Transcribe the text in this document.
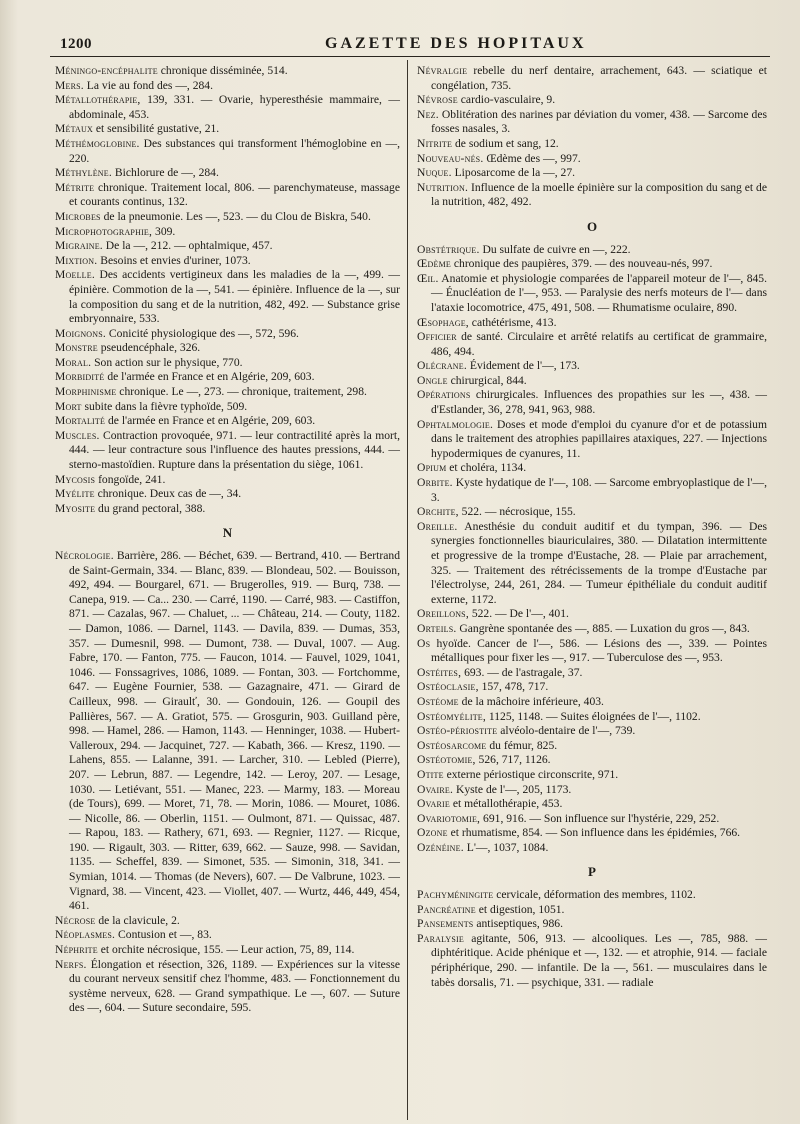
1200	GAZETTE DES HOPITAUX

Méningo-encéphalite chronique disséminée, 514.

Mers. La vie au fond des —, 284.

Métallothérapie, 139, 331. — Ovarie, hyperesthésie mammaire, — abdominale, 453.

Métaux et sensibilité gustative, 21.

Méthémoglobine. Des substances qui transforment l'hémoglobine en —, 220.

Méthylène. Bichlorure de —, 284.

Métrite chronique. Traitement local, 806. — parenchymateuse, massage et courants continus, 132.

Microbes de la pneumonie. Les —, 523. — du Clou de Biskra, 540.

Microphotographie, 309.

Migraine. De la —, 212. — ophtalmique, 457.

Mixtion. Besoins et envies d'uriner, 1073.

Moelle. Des accidents vertigineux dans les maladies de la —, 499. — épinière. Commotion de la —, 541. — épinière. Influence de la —, sur la composition du sang et de la nutrition, 482, 492. — Substance grise embryonnaire, 533.

Moignons. Conicité physiologique des —, 572, 596.

Monstre pseudencéphale, 326.

Moral. Son action sur le physique, 770.

Morbidité de l'armée en France et en Algérie, 209, 603.

Morphinisme chronique. Le —, 273. — chronique, traitement, 298.

Mort subite dans la fièvre typhoïde, 509.

Mortalité de l'armée en France et en Algérie, 209, 603.

Muscles. Contraction provoquée, 971. — leur contractilité après la mort, 444. — leur contracture sous l'influence des hautes pressions, 444. — sterno-mastoïdien. Rupture dans la présentation du siège, 1061.

Mycosis fongoïde, 241.

Myélite chronique. Deux cas de —, 34.

Myosite du grand pectoral, 388.

N

Nécrologie. Barrière, 286. — Béchet, 639. — Bertrand, 410. — Bertrand de Saint-Germain, 334. — Blanc, 839. — Blondeau, 502. — Bouisson, 492, 494. — Bourgarel, 671. — Brugerolles, 919. — Burq, 738. — Canepa, 919. — Ca... 230. — Carré, 1190. — Carré, 983. — Castiffon, 871. — Cazalas, 967. — Chaluet, ... — Château, 214. — Couty, 1182. — Damon, 1086. — Darnel, 1143. — Davila, 839. — Dumas, 353, 357. — Dumesnil, 998. — Dumont, 738. — Duval, 1007. — Aug. Fabre, 170. — Fanton, 775. — Faucon, 1014. — Fauvel, 1029, 1041, 1046. — Fonssagrives, 1086, 1089. — Fontan, 303. — Fortchomme, 647. — Eugène Fournier, 538. — Gazagnaire, 471. — Girard de Cailleux, 998. — Giraulť, 30. — Gondouin, 126. — Goupil des Pallières, 567. — A. Gratiot, 575. — Grosgurin, 903. Guilland père, 998. — Hamel, 286. — Hamon, 1143. — Henninger, 1038. — Hubert-Valleroux, 294. — Jacquinet, 727. — Kabath, 366. — Kresz, 1190. — Lahens, 855. — Lalanne, 391. — Larcher, 310. — Lebled (Pierre), 207. — Lebrun, 887. — Legendre, 142. — Leroy, 207. — Lesage, 1030. — Letiévant, 551. — Manec, 223. — Marmy, 183. — Moreau (de Tours), 699. — Moret, 71, 78. — Morin, 1086. — Mouret, 1086. — Nicolle, 86. — Oberlin, 1151. — Oulmont, 871. — Quissac, 487. — Rapou, 183. — Rathery, 671, 693. — Regnier, 1127. — Ricque, 190. — Rigault, 303. — Ritter, 639, 662. — Sauze, 998. — Savidan, 1135. — Scheffel, 839. — Simonet, 535. — Simonin, 318, 341. — Symian, 1014. — Thomas (de Nevers), 607. — De Valbrune, 1023. — Vignard, 38. — Vincent, 423. — Viollet, 407. — Wurtz, 446, 449, 454, 461.

Nécrose de la clavicule, 2.

Néoplasmes. Contusion et —, 83.

Néphrite et orchite nécrosique, 155. — Leur action, 75, 89, 114.

Nerfs. Élongation et résection, 326, 1189. — Expériences sur la vitesse du courant nerveux sensitif chez l'homme, 483. — Fonctionnement du système nerveux, 628. — Grand sympathique. Le —, 607. — Suture des —, 604. — Suture secondaire, 595.

Névralgie rebelle du nerf dentaire, arrachement, 643. — sciatique et congélation, 735.

Névrose cardio-vasculaire, 9.

Nez. Oblitération des narines par déviation du vomer, 438. — Sarcome des fosses nasales, 3.

Nitrite de sodium et sang, 12.

Nouveau-nés. Œdème des —, 997.

Nuque. Liposarcome de la —, 27.

Nutrition. Influence de la moelle épinière sur la composition du sang et de la nutrition, 482, 492.

O

Obstétrique. Du sulfate de cuivre en —, 222.

Œdème chronique des paupières, 379. — des nouveau-nés, 997.

Œil. Anatomie et physiologie comparées de l'appareil moteur de l'—, 845. — Énucléation de l'—, 953. — Paralysie des nerfs moteurs de l'— dans l'ataxie locomotrice, 475, 491, 508. — Rhumatisme oculaire, 890.

Œsophage, cathétérisme, 413.

Officier de santé. Circulaire et arrêté relatifs au certificat de grammaire, 486, 494.

Olécrane. Évidement de l'—, 173.

Ongle chirurgical, 844.

Opérations chirurgicales. Influences des propathies sur les —, 438. — d'Estlander, 36, 278, 941, 963, 988.

Ophtalmologie. Doses et mode d'emploi du cyanure d'or et de potassium dans le traitement des atrophies papillaires ataxiques, 227. — Injections hypodermiques de cyanures, 11.

Opium et choléra, 1134.

Orbite. Kyste hydatique de l'—, 108. — Sarcome embryoplastique de l'—, 3.

Orchite, 522. — nécrosique, 155.

Oreille. Anesthésie du conduit auditif et du tympan, 396. — Des synergies fonctionnelles biauriculaires, 380. — Dilatation intermittente et progressive de la trompe d'Eustache, 28. — Plaie par arrachement, 325. — Traitement des rétrécissements de la trompe d'Eustache par l'électrolyse, 244, 261, 284. — Tumeur épithéliale du conduit auditif externe, 1172.

Oreillons, 522. — De l'—, 401.

Orteils. Gangrène spontanée des —, 885. — Luxation du gros —, 843.

Os hyoïde. Cancer de l'—, 586. — Lésions des —, 339. — Pointes métalliques pour fixer les —, 917. — Tuberculose des —, 953.

Ostéites, 693. — de l'astragale, 37.

Ostéoclasie, 157, 478, 717.

Ostéome de la mâchoire inférieure, 403.

Ostéomyélite, 1125, 1148. — Suites éloignées de l'—, 1102.

Ostéo-périostite alvéolo-dentaire de l'—, 739.

Ostéosarcome du fémur, 825.

Ostéotomie, 526, 717, 1126.

Otite externe périostique circonscrite, 971.

Ovaire. Kyste de l'—, 205, 1173.

Ovarie et métallothérapie, 453.

Ovariotomie, 691, 916. — Son influence sur l'hystérie, 229, 252.

Ozone et rhumatisme, 854. — Son influence dans les épidémies, 766.

Ozénéine. L'—, 1037, 1084.

P

Pachyméningite cervicale, déformation des membres, 1102.

Pancréatine et digestion, 1051.

Pansements antiseptiques, 986.

Paralysie agitante, 506, 913. — alcooliques. Les —, 785, 988. — diphtéritique. Acide phénique et —, 132. — et atrophie, 914. — faciale périphérique, 290. — infantile. De la —, 561. — musculaires dans le tabès dorsalis, 71. — psychique, 331. — radiale
